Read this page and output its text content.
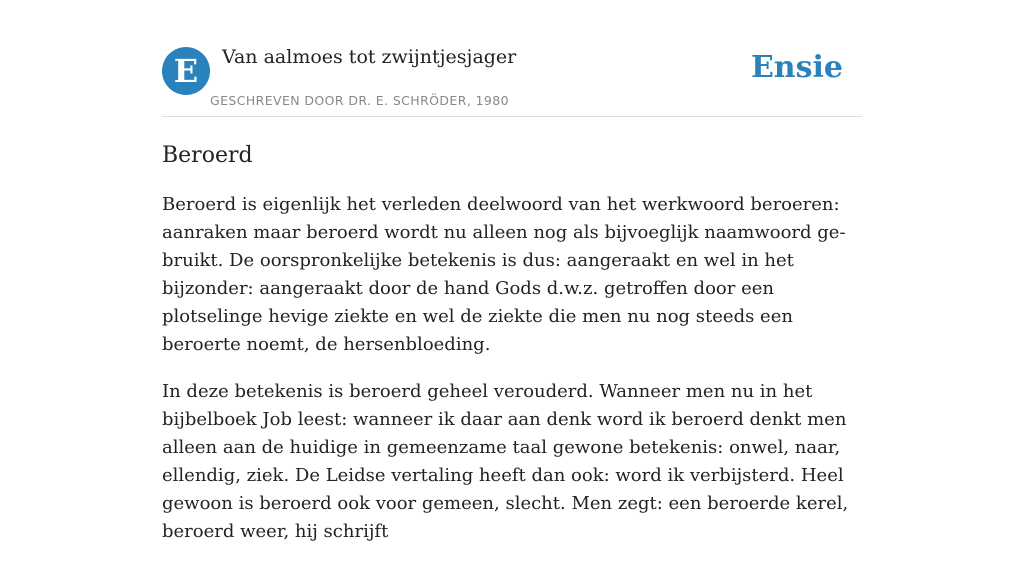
E	Van aalmoes tot zwijntjesjager
GESCHREVEN DOOR DR. E. SCHRÖDER, 1980
Ensie
Beroerd

Beroerd is eigenlijk het verleden deelwoord van het werkwoord beroeren: aanraken maar beroerd wordt nu alleen nog als bijvoeglijk naamwoord ge-bruikt. De oorspronkelijke betekenis is dus: aangeraakt en wel in het bijzonder: aangeraakt door de hand Gods d.w.z. getroffen door een plotselinge hevige ziekte en wel de ziekte die men nu nog steeds een beroerte noemt, de hersenbloeding.

In deze betekenis is beroerd geheel verouderd. Wanneer men nu in het bijbelboek Job leest: wanneer ik daar aan denk word ik beroerd denkt men alleen aan de huidige in gemeenzame taal gewone betekenis: onwel, naar, ellendig, ziek. De Leidse vertaling heeft dan ook: word ik verbijsterd. Heel gewoon is beroerd ook voor gemeen, slecht. Men zegt: een beroerde kerel, beroerd weer, hij schrijft
